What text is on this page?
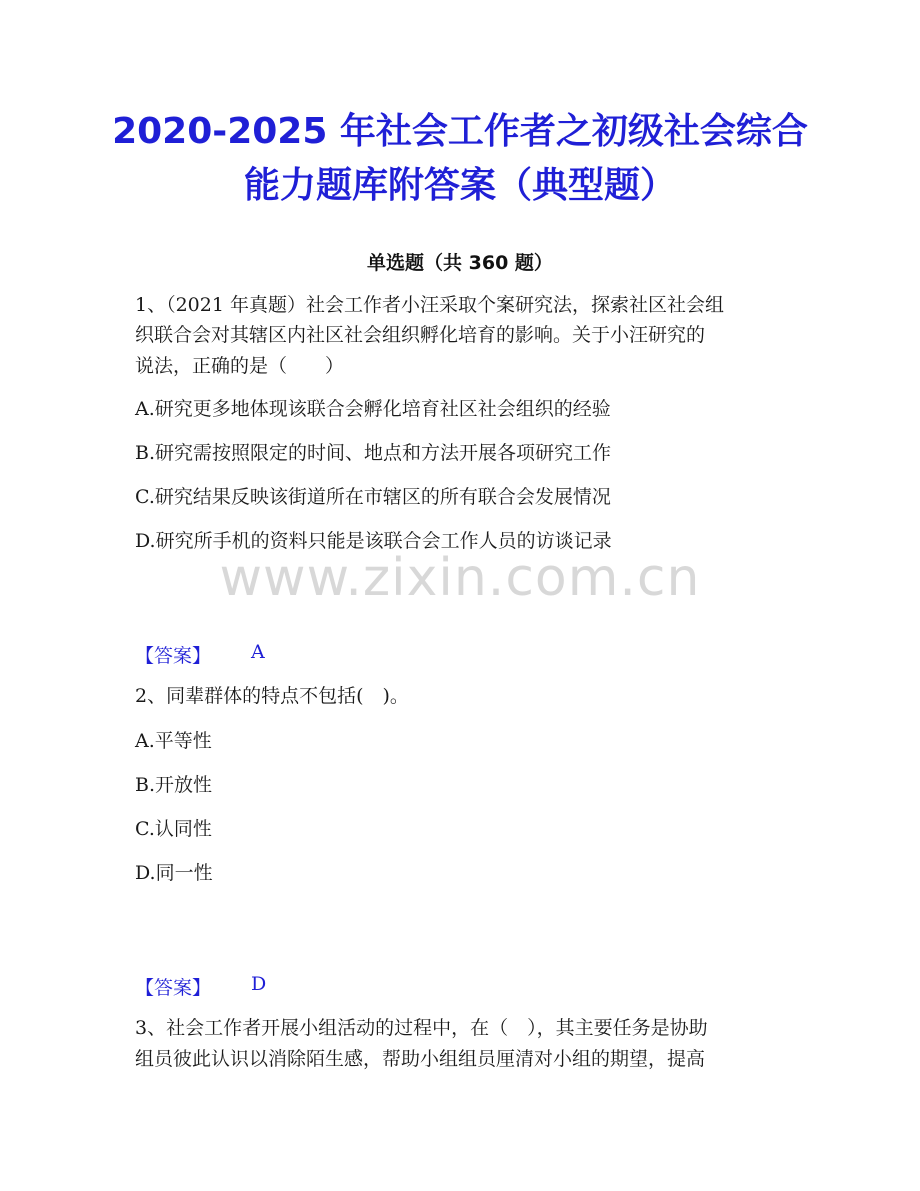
2020-2025 年社会工作者之初级社会综合
能力题库附答案（典型题）
单选题（共 360 题）
1、（2021 年真题）社会工作者小汪采取个案研究法，探索社区社会组
织联合会对其辖区内社区社会组织孵化培育的影响。关于小汪研究的
说法，正确的是（　　）
A.研究更多地体现该联合会孵化培育社区社会组织的经验
B.研究需按照限定的时间、地点和方法开展各项研究工作
C.研究结果反映该街道所在市辖区的所有联合会发展情况
D.研究所手机的资料只能是该联合会工作人员的访谈记录
www.zixin.com.cn
【答案】 A
2、同辈群体的特点不包括(　)。
A.平等性
B.开放性
C.认同性
D.同一性
【答案】 D
3、社会工作者开展小组活动的过程中，在（　），其主要任务是协助
组员彼此认识以消除陌生感，帮助小组组员厘清对小组的期望，提高
